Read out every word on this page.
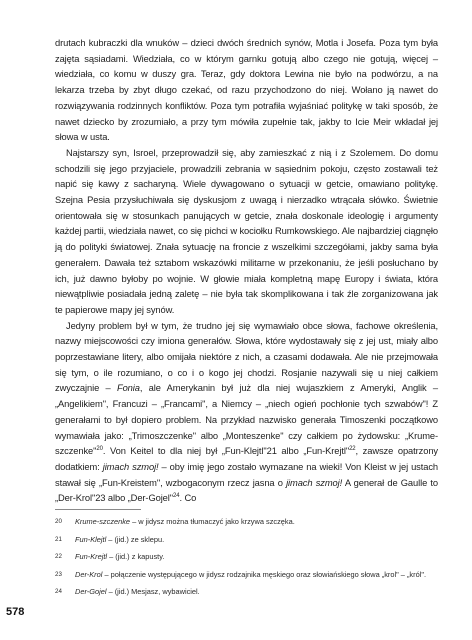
drutach kubraczki dla wnuków – dzieci dwóch średnich synów, Motla i Josefa. Poza tym była zajęta sąsiadami. Wiedziała, co w którym garnku gotują albo czego nie gotują, więcej – wiedziała, co komu w duszy gra. Teraz, gdy doktora Lewina nie było na podwórzu, a na lekarza trzeba by zbyt długo czekać, od razu przychodzono do niej. Wołano ją nawet do rozwiązywania rodzinnych konfliktów. Poza tym potrafiła wyjaśniać politykę w taki sposób, że nawet dziecko by zrozumiało, a przy tym mówiła zupełnie tak, jakby to Icie Meir wkładał jej słowa w usta.

Najstarszy syn, Isroel, przeprowadził się, aby zamieszkać z nią i z Szolemem. Do domu schodzili się jego przyjaciele, prowadzili zebrania w sąsiednim pokoju, często zostawali też napić się kawy z sacharyną. Wiele dywagowano o sytuacji w getcie, omawiano politykę. Szejna Pesia przysłuchiwała się dyskusjom z uwagą i nierzadko wtrącała słówko. Świetnie orientowała się w stosunkach panujących w getcie, znała doskonale ideologię i argumenty każdej partii, wiedziała nawet, co się pichci w kociołku Rumkowskiego. Ale najbardziej ciągnęło ją do polityki światowej. Znała sytuację na froncie z wszelkimi szczegółami, jakby sama była generałem. Dawała też sztabom wskazówki militarne w przekonaniu, że jeśli posłuchano by ich, już dawno byłoby po wojnie. W głowie miała kompletną mapę Europy i świata, która niewątpliwie posiadała jedną zaletę – nie była tak skomplikowana i tak źle zorganizowana jak te papierowe mapy jej synów.

Jedyny problem był w tym, że trudno jej się wymawiało obce słowa, fachowe określenia, nazwy miejscowości czy imiona generałów. Słowa, które wydostawały się z jej ust, miały albo poprzestawiane litery, albo omijała niektóre z nich, a czasami dodawała. Ale nie przejmowała się tym, o ile rozumiano, o co i o kogo jej chodzi. Rosjanie nazywali się u niej całkiem zwyczajnie – Fonia, ale Amerykanin był już dla niej wujaszkiem z Ameryki, Anglik – „Angelikiem", Francuzi – „Francami", a Niemcy – „niech ogień pochłonie tych szwabów"! Z generałami to był dopiero problem. Na przykład nazwisko generała Timoszenki początkowo wymawiała jako: „Trimoszczenke" albo „Monteszenke" czy całkiem po żydowsku: „Krume-szczenke"$^{20}$. Von Keitel to dla niej był „Fun-Klejtl"21 albo „Fun-Krejtl"$^{22}$, zawsze opatrzony dodatkiem: jimach szmoj! – oby imię jego zostało wymazane na wieki! Von Kleist w jej ustach stawał się „Fun-Kreistem", wzbogaconym rzecz jasna o jimach szmoj! A generał de Gaulle to „Der-Krol"23 albo „Der-Gojel"$^{24}$. Co

20 Krume-szczenke – w jidysz można tłumaczyć jako krzywa szczęka.
21 Fun-Klejtl – (jid.) ze sklepu.
22 Fun-Krejtl – (jid.) z kapusty.
23 Der-Krol – połączenie występującego w jidysz rodzajnika męskiego oraz słowiańskiego słowa „krol" – „król".
24 Der-Gojel – (jid.) Mesjasz, wybawiciel.
578
